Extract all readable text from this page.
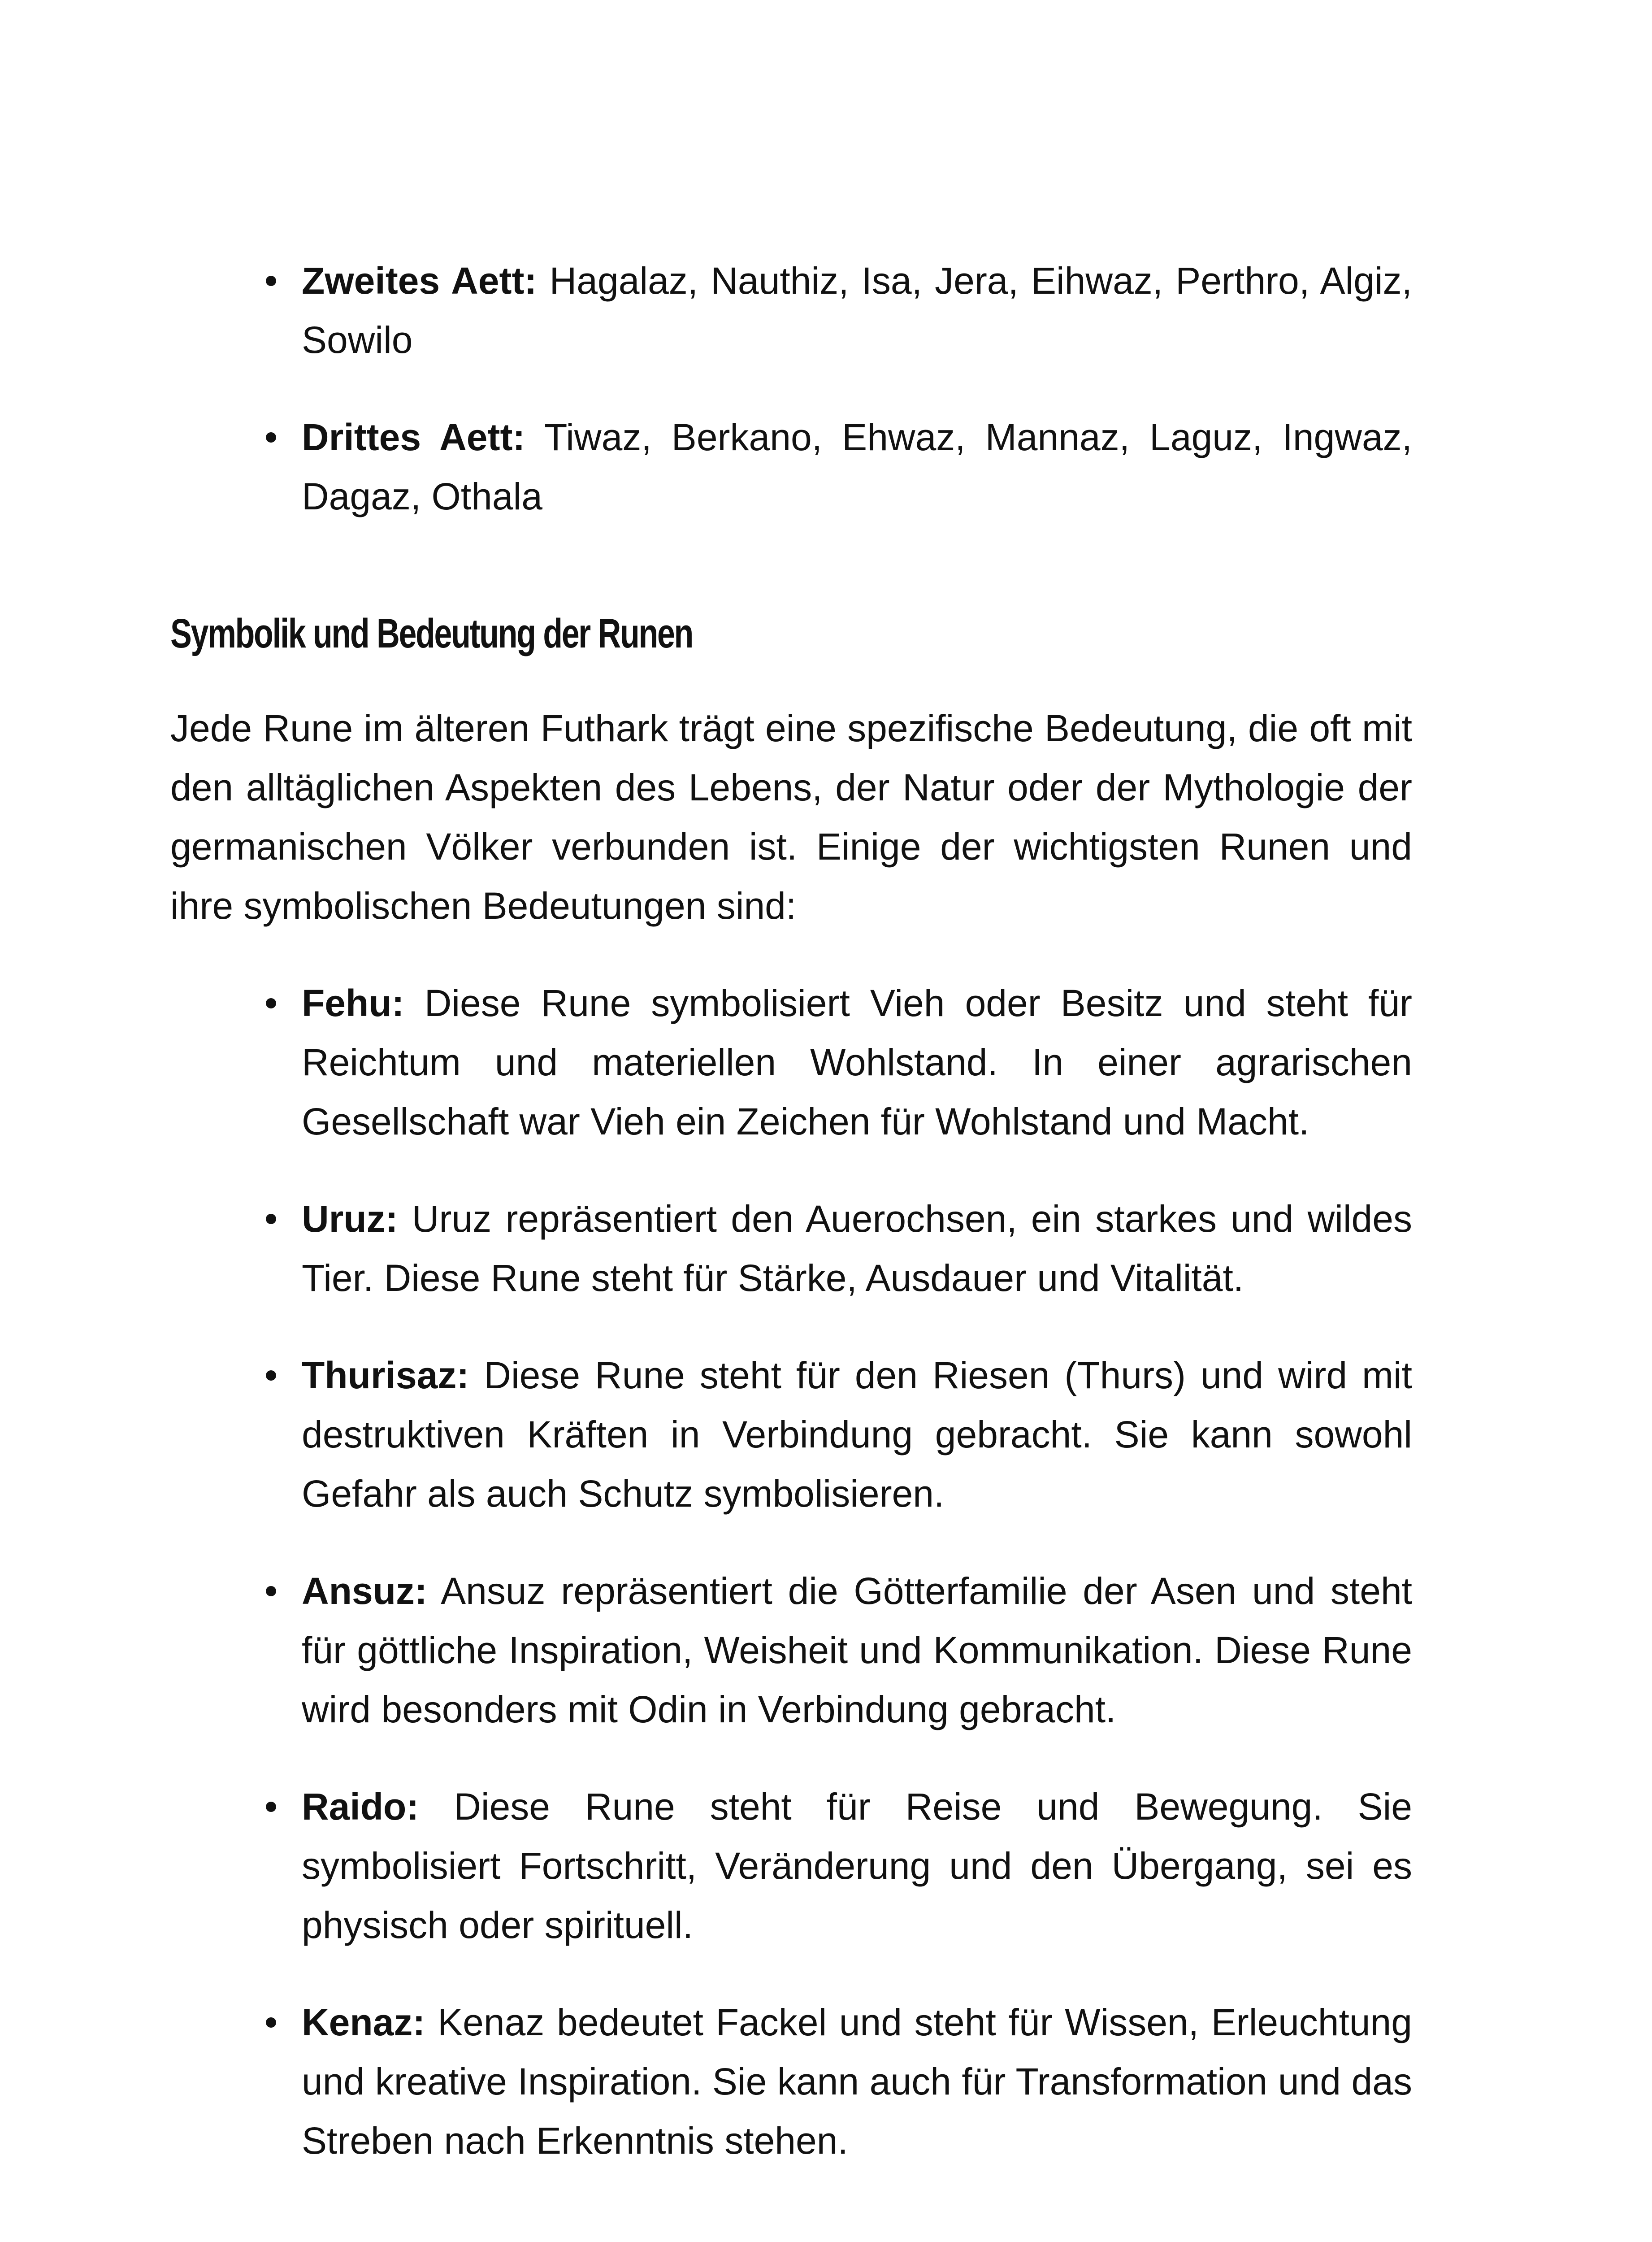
Zweites Aett: Hagalaz, Nauthiz, Isa, Jera, Eihwaz, Perthro, Algiz, Sowilo
Drittes Aett: Tiwaz, Berkano, Ehwaz, Mannaz, Laguz, Ingwaz, Dagaz, Othala
Symbolik und Bedeutung der Runen

Jede Rune im älteren Futhark trägt eine spezifische Bedeutung, die oft mit den alltäglichen Aspekten des Lebens, der Natur oder der Mythologie der germanischen Völker verbunden ist. Einige der wichtigsten Runen und ihre symbolischen Bedeutungen sind:

Fehu: Diese Rune symbolisiert Vieh oder Besitz und steht für Reichtum und materiellen Wohlstand. In einer agrarischen Gesellschaft war Vieh ein Zeichen für Wohlstand und Macht.
Uruz: Uruz repräsentiert den Auerochsen, ein starkes und wildes Tier. Diese Rune steht für Stärke, Ausdauer und Vitalität.
Thurisaz: Diese Rune steht für den Riesen (Thurs) und wird mit destruktiven Kräften in Verbindung gebracht. Sie kann sowohl Gefahr als auch Schutz symbolisieren.
Ansuz: Ansuz repräsentiert die Götterfamilie der Asen und steht für göttliche Inspiration, Weisheit und Kommunikation. Diese Rune wird besonders mit Odin in Verbindung gebracht.
Raido: Diese Rune steht für Reise und Bewegung. Sie symbolisiert Fortschritt, Veränderung und den Übergang, sei es physisch oder spirituell.
Kenaz: Kenaz bedeutet Fackel und steht für Wissen, Erleuchtung und kreative Inspiration. Sie kann auch für Transformation und das Streben nach Erkenntnis stehen.
